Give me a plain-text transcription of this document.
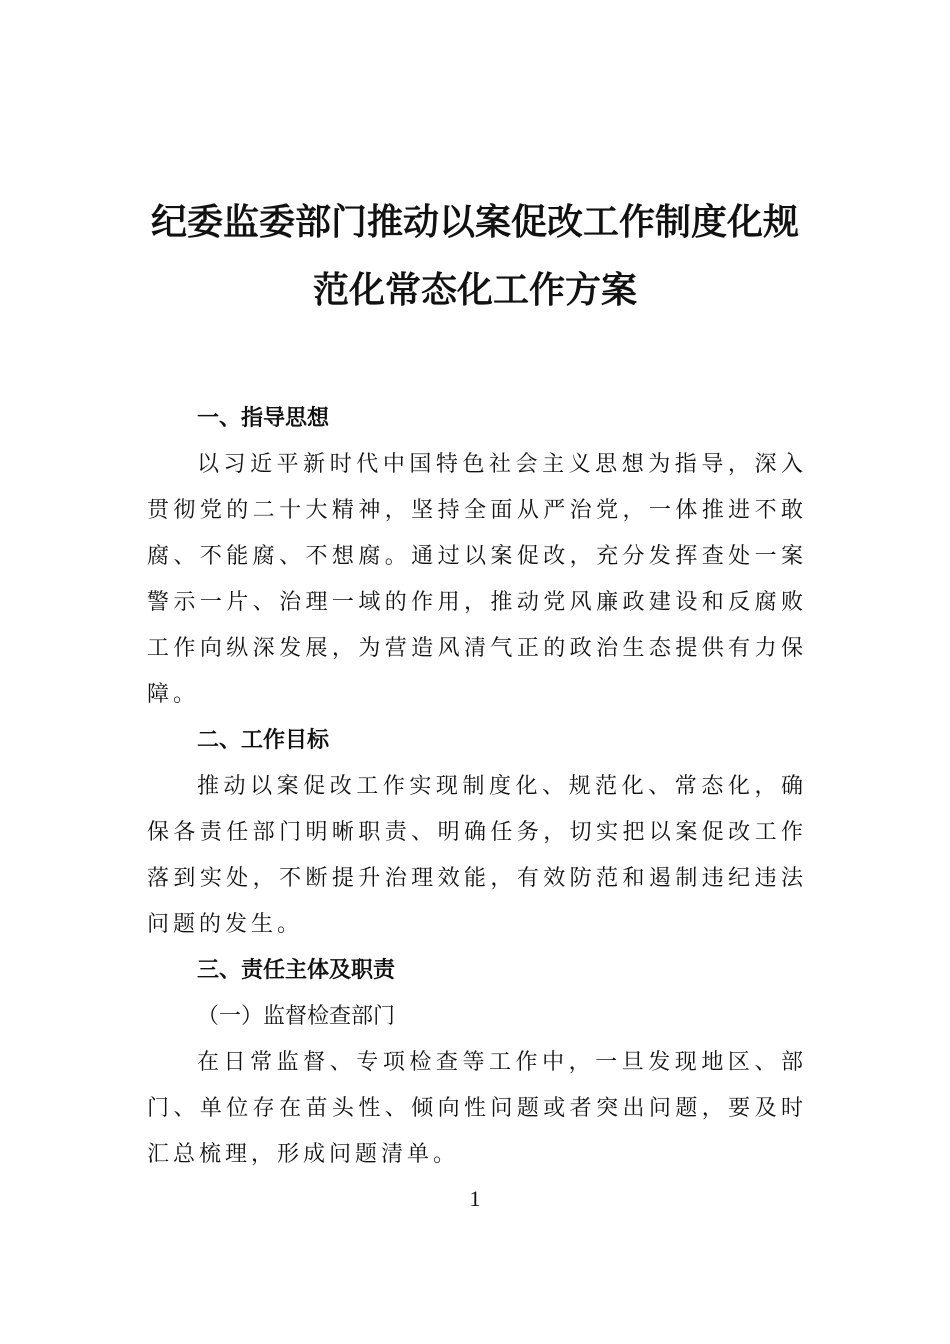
纪委监委部门推动以案促改工作制度化规
范化常态化工作方案
一、指导思想

以习近平新时代中国特色社会主义思想为指导，深入贯彻党的二十大精神，坚持全面从严治党，一体推进不敢腐、不能腐、不想腐。通过以案促改，充分发挥查处一案警示一片、治理一域的作用，推动党风廉政建设和反腐败工作向纵深发展，为营造风清气正的政治生态提供有力保障。

二、工作目标

推动以案促改工作实现制度化、规范化、常态化，确保各责任部门明晰职责、明确任务，切实把以案促改工作落到实处，不断提升治理效能，有效防范和遏制违纪违法问题的发生。

三、责任主体及职责
（一）监督检查部门

在日常监督、专项检查等工作中，一旦发现地区、部门、单位存在苗头性、倾向性问题或者突出问题，要及时汇总梳理，形成问题清单。

1
